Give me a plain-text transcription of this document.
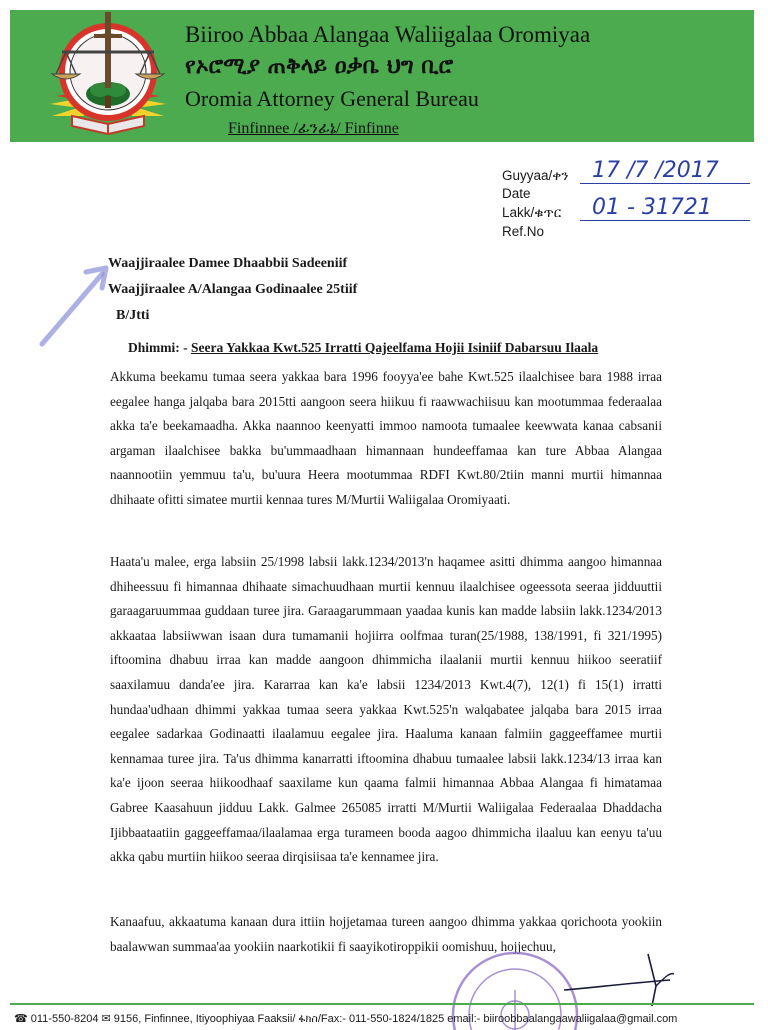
Biiroo Abbaa Alangaa Waliigalaa Oromiyaa
የኦሮሚያ ጠቅላይ ዐቃቤ ህግ ቢሮ
Oromia Attorney General Bureau
Finfinnee /ፊንፊኔ/ Finfinne
Guyyaa/ቀን
Date
17 /7 /2017
Lakk/ቁጥር
Ref.No
01 - 31721
Waajjiraalee Damee Dhaabbii Sadeeniif
Waajjiraalee A/Alangaa Godinaalee 25tiif
B/Jtti
Dhimmi: - Seera Yakkaa Kwt.525 Irratti Qajeelfama Hojii Isiniif Dabarsuu Ilaala
Akkuma beekamu tumaa seera yakkaa bara 1996 fooyya'ee bahe Kwt.525 ilaalchisee bara 1988 irraa eegalee hanga jalqaba bara 2015tti aangoon seera hiikuu fi raawwachiisuu kan mootummaa federaalaa akka ta'e beekamaadha. Akka naannoo keenyatti immoo namoota tumaalee keewwata kanaa cabsanii argaman ilaalchisee bakka bu'ummaadhaan himannaan hundeeffamaa kan ture Abbaa Alangaa naannootiin yemmuu ta'u, bu'uura Heera mootummaa RDFI Kwt.80/2tiin manni murtii himannaa dhihaate ofitti simatee murtii kennaa tures M/Murtii Waliigalaa Oromiyaati.
Haata'u malee, erga labsiin 25/1998 labsii lakk.1234/2013'n haqamee asitti dhimma aangoo himannaa dhiheessuu fi himannaa dhihaate simachuudhaan murtii kennuu ilaalchisee ogeessota seeraa jidduuttii garaagaruummaa guddaan turee jira. Garaagarummaan yaadaa kunis kan madde labsiin lakk.1234/2013 akkaataa labsiiwwan isaan dura tumamanii hojiirra oolfmaa turan(25/1988, 138/1991, fi 321/1995) iftoomina dhabuu irraa kan madde aangoon dhimmicha ilaalanii murtii kennuu hiikoo seeratiif saaxilamuu danda'ee jira. Kararraa kan ka'e labsii 1234/2013 Kwt.4(7), 12(1) fi 15(1) irratti hundaa'udhaan dhimmi yakkaa tumaa seera yakkaa Kwt.525'n walqabatee jalqaba bara 2015 irraa eegalee sadarkaa Godinaatti ilaalamuu eegalee jira. Haaluma kanaan falmiin gaggeeffamee murtii kennamaa turee jira. Ta'us dhimma kanarratti iftoomina dhabuu tumaalee labsii lakk.1234/13 irraa kan ka'e ijoon seeraa hiikoodhaaf saaxilame kun qaama falmii himannaa Abbaa Alangaa fi himatamaa Gabree Kaasahuun jidduu Lakk. Galmee 265085 irratti M/Murtii Waliigalaa Federaalaa Dhaddacha Ijibbaataatiin gaggeeffamaa/ilaalamaa erga turameen booda aagoo dhimmicha ilaaluu kan eenyu ta'uu akka qabu murtiin hiikoo seeraa dirqisiisaa ta'e kennamee jira.
Kanaafuu, akkaatuma kanaan dura ittiin hojjetamaa tureen aangoo dhimma yakkaa qorichoota yookiin baalawwan summaa'aa yookiin naarkotikii fi saayikotiroppikii oomishuu, hojjechuu,
☎ 011-550-8204 ✉ 9156, Finfinnee, Itiyoophiyaa Faaksii/ ፋክስ/Fax:- 011-550-1824/1825 email:- biiroobbaalangaawaliigalaa@gmail.com
